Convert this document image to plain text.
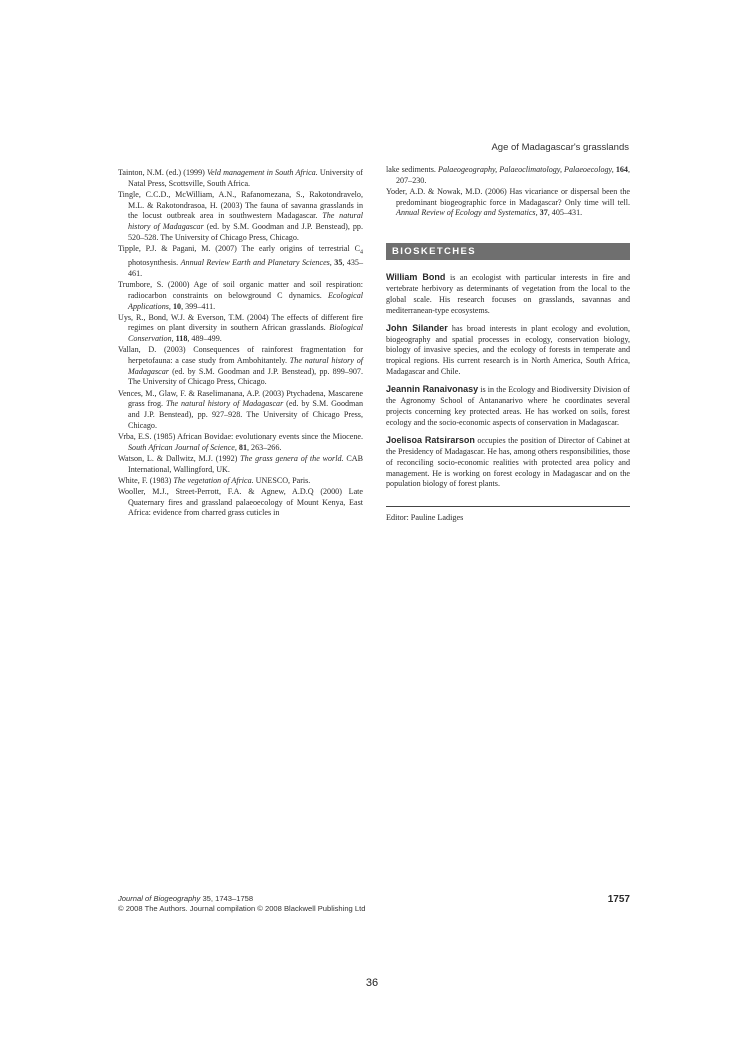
Age of Madagascar's grasslands
Tainton, N.M. (ed.) (1999) Veld management in South Africa. University of Natal Press, Scottsville, South Africa.
Tingle, C.C.D., McWilliam, A.N., Rafanomezana, S., Rakotondravelo, M.L. & Rakotondrasoa, H. (2003) The fauna of savanna grasslands in the locust outbreak area in southwestern Madagascar. The natural history of Madagascar (ed. by S.M. Goodman and J.P. Benstead), pp. 520–528. The University of Chicago Press, Chicago.
Tipple, P.J. & Pagani, M. (2007) The early origins of terrestrial $C_4$ photosynthesis. Annual Review Earth and Planetary Sciences, 35, 435–461.
Trumbore, S. (2000) Age of soil organic matter and soil respiration: radiocarbon constraints on belowground C dynamics. Ecological Applications, 10, 399–411.
Uys, R., Bond, W.J. & Everson, T.M. (2004) The effects of different fire regimes on plant diversity in southern African grasslands. Biological Conservation, 118, 489–499.
Vallan, D. (2003) Consequences of rainforest fragmentation for herpetofauna: a case study from Ambohitantely. The natural history of Madagascar (ed. by S.M. Goodman and J.P. Benstead), pp. 899–907. The University of Chicago Press, Chicago.
Vences, M., Glaw, F. & Raselimanana, A.P. (2003) Ptychadena, Mascarene grass frog. The natural history of Madagascar (ed. by S.M. Goodman and J.P. Benstead), pp. 927–928. The University of Chicago Press, Chicago.
Vrba, E.S. (1985) African Bovidae: evolutionary events since the Miocene. South African Journal of Science, 81, 263–266.
Watson, L. & Dallwitz, M.J. (1992) The grass genera of the world. CAB International, Wallingford, UK.
White, F. (1983) The vegetation of Africa. UNESCO, Paris.
Wooller, M.J., Street-Perrott, F.A. & Agnew, A.D.Q (2000) Late Quaternary fires and grassland palaeoecology of Mount Kenya, East Africa: evidence from charred grass cuticles in
lake sediments. Palaeogeography, Palaeoclimatology, Palaeoecology, 164, 207–230.
Yoder, A.D. & Nowak, M.D. (2006) Has vicariance or dispersal been the predominant biogeographic force in Madagascar? Only time will tell. Annual Review of Ecology and Systematics, 37, 405–431.
BIOSKETCHES
William Bond is an ecologist with particular interests in fire and vertebrate herbivory as determinants of vegetation from the local to the global scale. His research focuses on grasslands, savannas and mediterranean-type ecosystems.
John Silander has broad interests in plant ecology and evolution, biogeography and spatial processes in ecology, conservation biology, biology of invasive species, and the ecology of forests in temperate and tropical regions. His current research is in North America, South Africa, Madagascar and Chile.
Jeannin Ranaivonasy is in the Ecology and Biodiversity Division of the Agronomy School of Antananarivo where he coordinates several projects concerning key protected areas. He has worked on soils, forest ecology and the socio-economic aspects of conservation in Madagascar.
Joelisoa Ratsirarson occupies the position of Director of Cabinet at the Presidency of Madagascar. He has, among others responsibilities, those of reconciling socio-economic realities with protected area policy and management. He is working on forest ecology in Madagascar and on the population biology of forest plants.
Editor: Pauline Ladiges
Journal of Biogeography 35, 1743–1758
© 2008 The Authors. Journal compilation © 2008 Blackwell Publishing Ltd
1757
36
